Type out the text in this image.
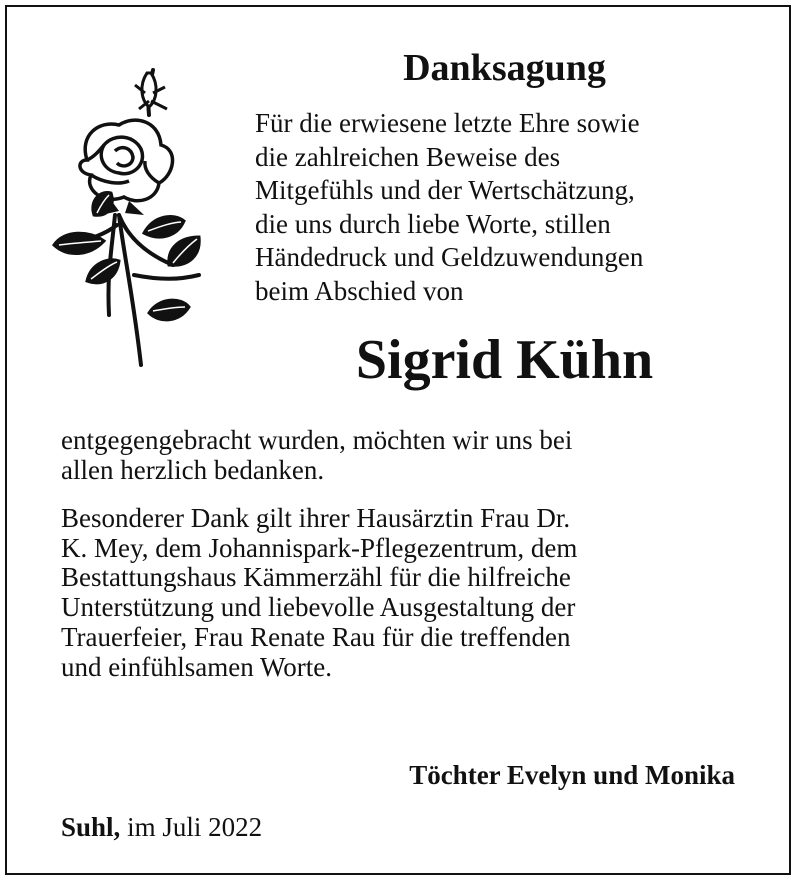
Danksagung
Für die erwiesene letzte Ehre sowie
die zahlreichen Beweise des
Mitgefühls und der Wertschätzung,
die uns durch liebe Worte, stillen
Händedruck und Geldzuwendungen
beim Abschied von
Sigrid Kühn
entgegengebracht wurden, möchten wir uns bei
allen herzlich bedanken.
Besonderer Dank gilt ihrer Hausärztin Frau Dr.
K. Mey, dem Johannispark-Pflegezentrum, dem
Bestattungshaus Kämmerzähl für die hilfreiche
Unterstützung und liebevolle Ausgestaltung der
Trauerfeier, Frau Renate Rau für die treffenden
und einfühlsamen Worte.
Töchter Evelyn und Monika
Suhl, im Juli 2022
